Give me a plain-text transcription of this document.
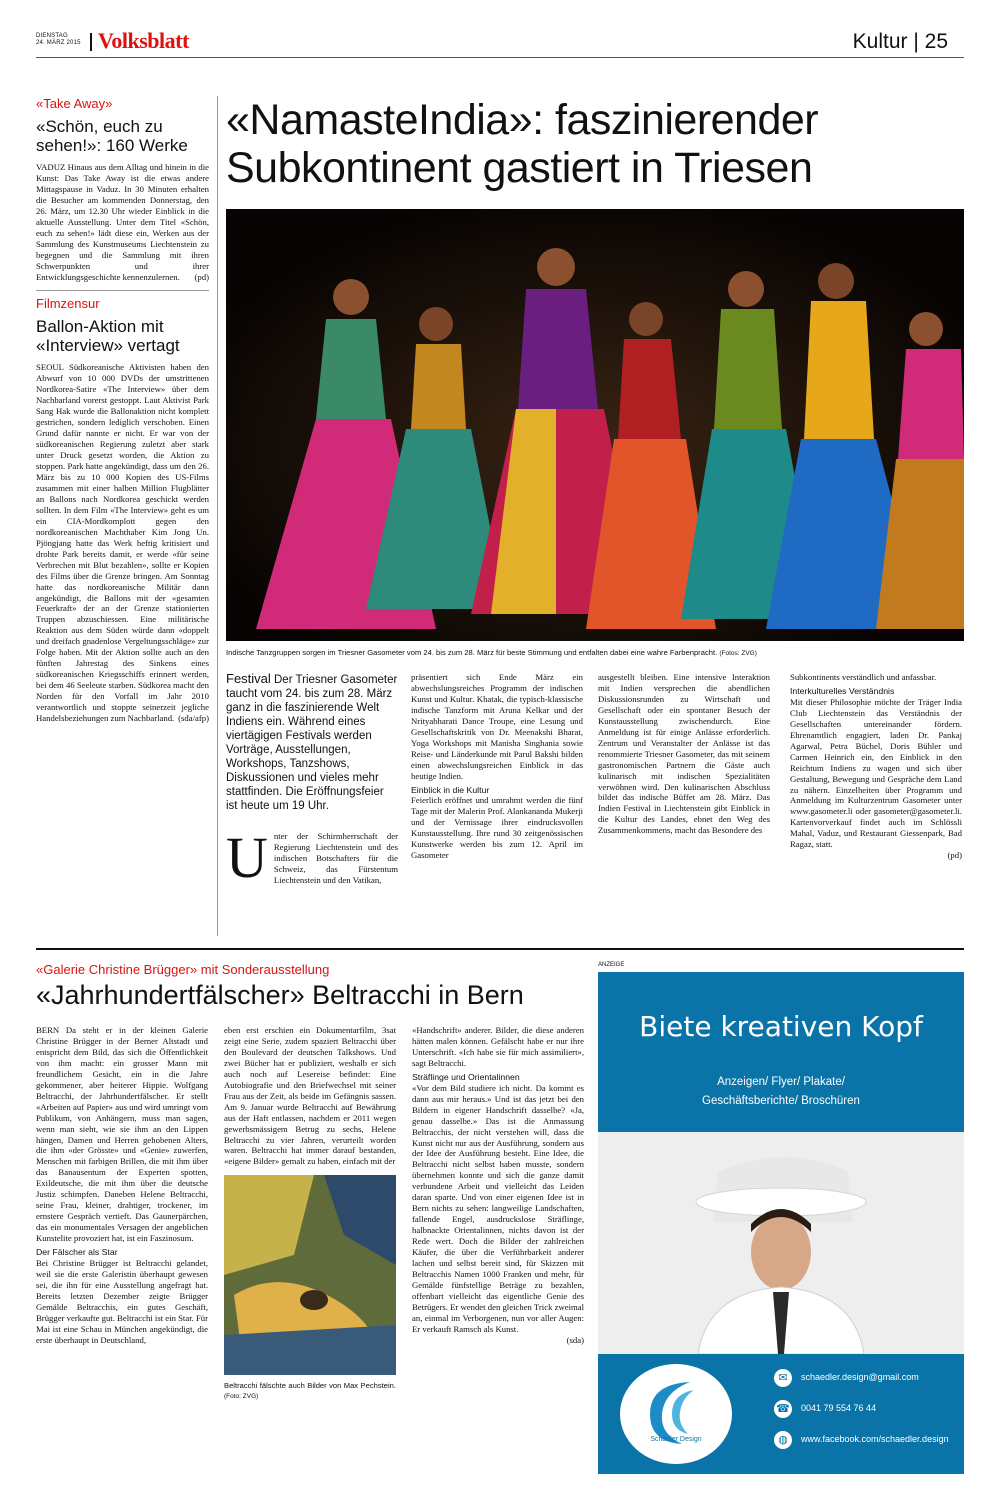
DIENSTAG
24. MÄRZ 2015 Volksblatt	Kultur | 25
«Take Away»
«Schön, euch zu sehen!»: 160 Werke
VADUZ Hinaus aus dem Alltag und hinein in die Kunst: Das Take Away ist die etwas andere Mittagspause in Vaduz. In 30 Minuten erhalten die Besucher am kommenden Donnerstag, den 26. März, um 12.30 Uhr wieder Einblick in die aktuelle Ausstellung. Unter dem Titel «Schön, euch zu sehen!» lädt diese ein, Werken aus der Sammlung des Kunstmuseums Liechtenstein zu begegnen und die Sammlung mit ihren Schwerpunkten und ihrer Entwicklungsgeschichte kennenzulernen. (pd)
Filmzensur
Ballon-Aktion mit «Interview» vertagt
SEOUL Südkoreanische Aktivisten haben den Abwurf von 10 000 DVDs der umstrittenen Nordkorea-Satire «The Interview» über dem Nachbarland vorerst gestoppt. Laut Aktivist Park Sang Hak wurde die Ballonaktion nicht komplett gestrichen, sondern lediglich verschoben. Einen Grund dafür nannte er nicht. Er war von der südkoreanischen Regierung zuletzt aber stark unter Druck gesetzt worden, die Aktion zu stoppen. Park hatte angekündigt, dass um den 26. März bis zu 10 000 Kopien des US-Films zusammen mit einer halben Million Flugblätter an Ballons nach Nordkorea geschickt werden sollten. In dem Film «The Interview» geht es um ein CIA-Mordkomplott gegen den nordkoreanischen Machthaber Kim Jong Un. Pjöngjang hatte das Werk heftig kritisiert und drohte Park bereits damit, er werde «für seine Verbrechen mit Blut bezahlen», sollte er Kopien des Films über die Grenze bringen. Am Sonntag hatte das nordkoreanische Militär dann angekündigt, die Ballons mit der «gesamten Feuerkraft» der an der Grenze stationierten Truppen abzuschiessen. Eine militärische Reaktion aus dem Süden würde dann «doppelt und dreifach gnadenlose Vergeltungsschläge» zur Folge haben. Mit der Aktion sollte auch an den fünften Jahrestag des Sinkens eines südkoreanischen Kriegsschiffs erinnert werden, bei dem 46 Seeleute starben. Südkorea macht den Norden für den Vorfall im Jahr 2010 verantwortlich und stoppte seinerzeit jegliche Handelsbeziehungen zum Nachbarland. (sda/afp)
«NamasteIndia»: faszinierender
Subkontinent gastiert in Triesen
Indische Tanzgruppen sorgen im Triesner Gasometer vom 24. bis zum 28. März für beste Stimmung und entfalten dabei eine wahre Farbenpracht. (Fotos: ZVG)
Festival Der Triesner Gasometer taucht vom 24. bis zum 28. März ganz in die faszinierende Welt Indiens ein. Während eines viertägigen Festivals werden Vorträge, Ausstellungen, Workshops, Tanzshows, Diskussionen und vieles mehr stattfinden. Die Eröffnungsfeier ist heute um 19 Uhr.
U nter der Schirmherrschaft der Regierung Liechtenstein und des indischen Botschafters für die Schweiz, das Fürstentum Liechtenstein und den Vatikan,

präsentiert sich Ende März ein abwechslungsreiches Programm der indischen Kunst und Kultur. Khatak, die typisch-klassische indische Tanzform mit Aruna Kelkar und der Nrityabharati Dance Troupe, eine Lesung und Gesellschaftskritik von Dr. Meenakshi Bharat, Yoga Workshops mit Manisha Singhania sowie Reise- und Länderkunde mit Parul Bakshi bilden einen abwechslungsreichen Einblick in das heutige Indien.

Einblick in die Kultur

Feierlich eröffnet und umrahmt werden die fünf Tage mit der Malerin Prof. Alankananda Mukerji und der Vernissage ihrer eindrucksvollen Kunstausstellung. Ihre rund 30 zeitgenössischen Kunstwerke werden bis zum 12. April im Gasometer

ausgestellt bleiben. Eine intensive Interaktion mit Indien versprechen die abendlichen Diskussionsrunden zu Wirtschaft und Gesellschaft oder ein spontaner Besuch der Kunstausstellung zwischendurch. Eine Anmeldung ist für einige Anlässe erforderlich. Zentrum und Veranstalter der Anlässe ist das renommierte Triesner Gasometer, das mit seinem gastronomischen Partnern die Gäste auch kulinarisch mit indischen Spezialitäten verwöhnen wird. Den kulinarischen Abschluss bildet das indische Büffet am 28. März. Das Indien Festival in Liechtenstein gibt Einblick in die Kultur des Landes, ebnet den Weg des Zusammenkommens, macht das Besondere des

Subkontinents verständlich und anfassbar.

Interkulturelles Verständnis

Mit dieser Philosophie möchte der Träger India Club Liechtenstein das Verständnis der Gesellschaften untereinander fördern. Ehrenamtlich engagiert, laden Dr. Pankaj Agarwal, Petra Büchel, Doris Bühler und Carmen Heinrich ein, den Einblick in den Reichtum Indiens zu wagen und sich über Gestaltung, Bewegung und Gespräche dem Land zu nähern. Einzelheiten über Programm und Anmeldung im Kulturzentrum Gasometer unter www.gasometer.li oder gasometer@gasometer.li. Kartenvorverkauf findet auch im Schlössli Mahal, Vaduz, und Restaurant Giessenpark, Bad Ragaz, statt.

(pd)
«Galerie Christine Brügger» mit Sonderausstellung
«Jahrhundertfälscher» Beltracchi in Bern

BERN Da steht er in der kleinen Galerie Christine Brügger in der Berner Altstadt und entspricht dem Bild, das sich die Öffentlichkeit von ihm macht: ein grosser Mann mit freundlichem Gesicht, ein in die Jahre gekommener, aber heiterer Hippie. Wolfgang Beltracchi, der Jahrhundertfälscher. Er stellt «Arbeiten auf Papier» aus und wird umringt vom Publikum, von Anhängern, muss man sagen, wenn man sieht, wie sie ihm an den Lippen hängen, Damen und Herren gehobenen Alters, die ihm «der Grösste» und «Genie» zuwerfen, Menschen mit farbigen Brillen, die mit ihm über das Banausentum der Experten spotten, Exildeutsche, die mit ihm über die deutsche Justiz schimpfen. Daneben Helene Beltracchi, seine Frau, kleiner, drahtiger, trockener, im ernstere Gespräch vertieft. Das Gaunerpärchen, das ein monumentales Versagen der angeblichen Kunstelite provoziert hat, ist ein Faszinosum.

Der Fälscher als Star

Bei Christine Brügger ist Beltracchi gelandet, weil sie die erste Galeristin überhaupt gewesen sei, die ihn für eine Ausstellung angefragt hat. Bereits letzten Dezember zeigte Brügger Gemälde Beltracchis, ein gutes Geschäft, Brügger verkaufte gut. Beltracchi ist ein Star. Für Mai ist eine Schau in München angekündigt, die erste überhaupt in Deutschland,

eben erst erschien ein Dokumentarfilm, 3sat zeigt eine Serie, zudem spaziert Beltracchi über den Boulevard der deutschen Talkshows. Und zwei Bücher hat er publiziert, weshalb er sich auch noch auf Lesereise befindet: Eine Autobiografie und den Briefwechsel mit seiner Frau aus der Zeit, als beide im Gefängnis sassen. Am 9. Januar wurde Beltracchi auf Bewährung aus der Haft entlassen, nachdem er 2011 wegen gewerbsmässigem Betrug zu sechs, Helene Beltracchi zu vier Jahren, verurteilt worden waren. Beltracchi hat immer darauf bestanden, «eigene Bilder» gemalt zu haben, einfach mit der

Beltracchi fälschte auch Bilder von Max Pechstein. (Foto: ZVG)

«Handschrift» anderer. Bilder, die diese anderen hätten malen können. Gefälscht habe er nur ihre Unterschrift. «Ich habe sie für mich assimiliert», sagt Beltracchi.

Sträflinge und Orientalinnen

«Vor dem Bild studiere ich nicht. Da kommt es dann aus mir heraus.» Und ist das jetzt bei den Bildern in eigener Handschrift dasselbe? «Ja, genau dasselbe.» Das ist die Anmassung Beltracchis, der nicht verstehen will, dass die Kunst nicht nur aus der Ausführung, sondern aus der Idee der Ausführung besteht. Eine Idee, die Beltracchi nicht selbst haben musste, sondern übernehmen konnte und sich die ganze damit verbundene Arbeit und vielleicht das Leiden daran sparte. Und von einer eigenen Idee ist in Bern nichts zu sehen: langweilige Landschaften, fallende Engel, ausdruckslose Sträflinge, halbnackte Orientalinnen, nichts davon ist der Rede wert. Doch die Bilder der zahlreichen Käufer, die über die Verführbarkeit anderer lachen und selbst bereit sind, für Skizzen mit Beltracchis Namen 1000 Franken und mehr, für Gemälde fünfstellige Beträge zu bezahlen, offenbart vielleicht das eigentliche Genie des Betrügers. Er wendet den gleichen Trick zweimal an, einmal im Verborgenen, nun vor aller Augen: Er verkauft Ramsch als Kunst.

(sda)
ANZEIGE
Biete kreativen Kopf
Anzeigen/ Flyer/ Plakate/
Geschäftsberichte/ Broschüren
Schadler Design
✉ schaedler.design@gmail.com
☎ 0041 79 554 76 44
◍ www.facebook.com/schaedler.design
